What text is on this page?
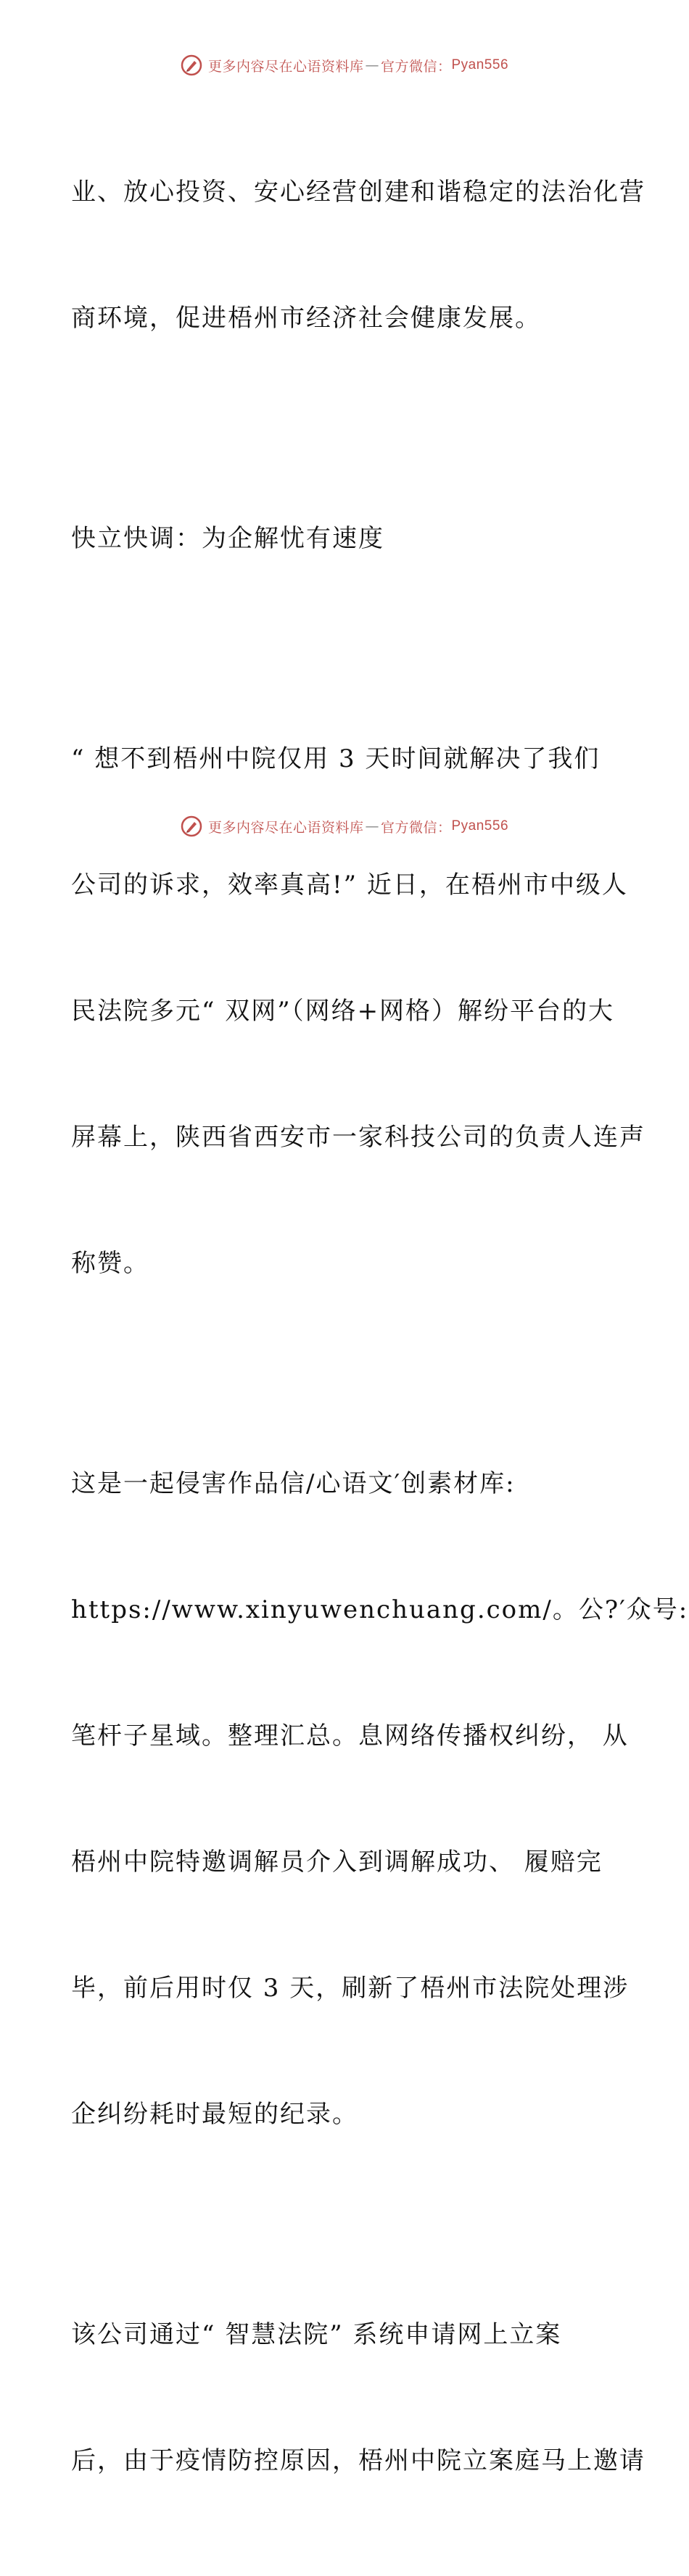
更多内容尽在心语资料库 — 官方微信： Pyan556

业、放心投资、安心经营创建和谐稳定的法治化营

商环境，促进梧州市经济社会健康发展。

快立快调：为企解忧有速度

“ 想不到梧州中院仅用 3 天时间就解决了我们

公司的诉求，效率真高!” 近日，在梧州市中级人

民法院多元“ 双网”（网络+网格）解纷平台的大

屏幕上，陕西省西安市一家科技公司的负责人连声

称赞。

这是一起侵害作品信/心语文′创素材库:

https://www.xinyuwenchuang.com/。公?′众号:

笔杆子星域。整理汇总。息网络传播权纠纷， 从

梧州中院特邀调解员介入到调解成功、 履赔完

毕，前后用时仅 3 天，刷新了梧州市法院处理涉

企纠纷耗时最短的纪录。

该公司通过“ 智慧法院” 系统申请网上立案

后，由于疫情防控原因，梧州中院立案庭马上邀请

更多内容尽在心语资料库 — 官方微信： Pyan556
